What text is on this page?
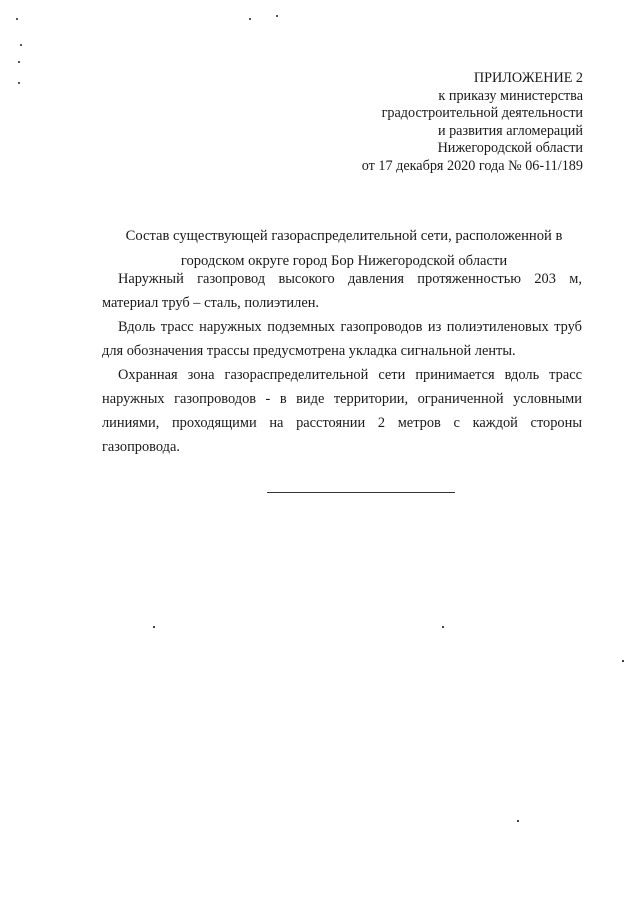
ПРИЛОЖЕНИЕ 2
к приказу министерства
градостроительной деятельности
и развития агломераций
Нижегородской области
от 17 декабря 2020 года № 06-11/189
Состав существующей газораспределительной сети, расположенной в
городском округе город Бор Нижегородской области

Наружный газопровод высокого давления протяженностью 203 м, материал труб – сталь, полиэтилен.

Вдоль трасс наружных подземных газопроводов из полиэтиленовых труб для обозначения трассы предусмотрена укладка сигнальной ленты.

Охранная зона газораспределительной сети принимается вдоль трасс наружных газопроводов - в виде территории, ограниченной условными линиями, проходящими на расстоянии 2 метров с каждой стороны газопровода.
